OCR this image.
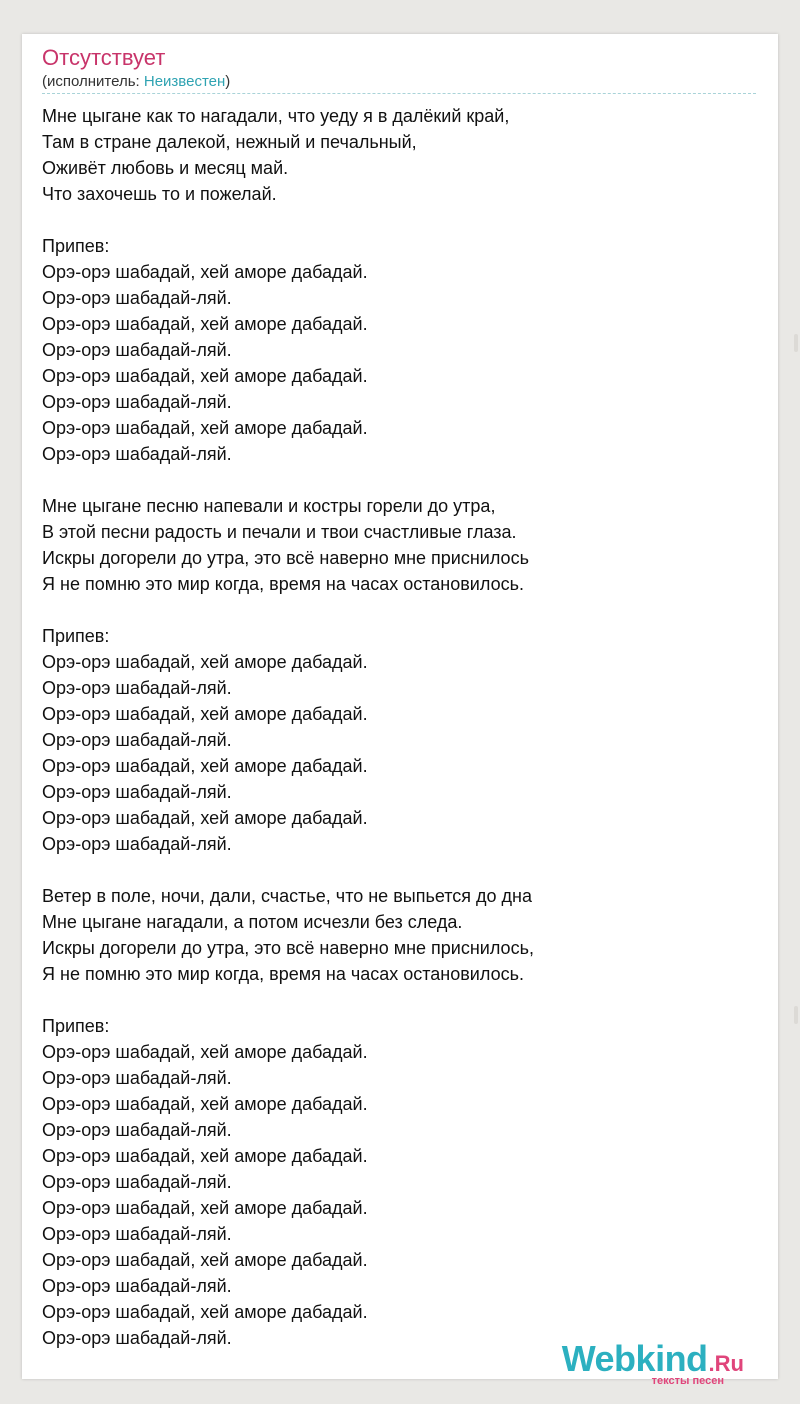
Отсутствует
(исполнитель: Неизвестен)
Мне цыгане как то нагадали, что уеду я в далёкий край,
Там в стране далекой, нежный и печальный,
Оживёт любовь и месяц май.
Что захочешь то и пожелай.
Припев:
Орэ-орэ шабадай, хей аморе дабадай.
Орэ-орэ шабадай-ляй.
Орэ-орэ шабадай, хей аморе дабадай.
Орэ-орэ шабадай-ляй.
Орэ-орэ шабадай, хей аморе дабадай.
Орэ-орэ шабадай-ляй.
Орэ-орэ шабадай, хей аморе дабадай.
Орэ-орэ шабадай-ляй.
Мне цыгане песню напевали и костры горели до утра,
В этой песни радость и печали и твои счастливые глаза.
Искры догорели до утра, это всё наверно мне приснилось
Я не помню это мир когда, время на часах остановилось.
Припев:
Орэ-орэ шабадай, хей аморе дабадай.
Орэ-орэ шабадай-ляй.
Орэ-орэ шабадай, хей аморе дабадай.
Орэ-орэ шабадай-ляй.
Орэ-орэ шабадай, хей аморе дабадай.
Орэ-орэ шабадай-ляй.
Орэ-орэ шабадай, хей аморе дабадай.
Орэ-орэ шабадай-ляй.
Ветер в поле, ночи, дали, счастье, что не выпьется до дна
Мне цыгане нагадали, а потом исчезли без следа.
Искры догорели до утра, это всё наверно мне приснилось,
Я не помню это мир когда, время на часах остановилось.
Припев:
Орэ-орэ шабадай, хей аморе дабадай.
Орэ-орэ шабадай-ляй.
Орэ-орэ шабадай, хей аморе дабадай.
Орэ-орэ шабадай-ляй.
Орэ-орэ шабадай, хей аморе дабадай.
Орэ-орэ шабадай-ляй.
Орэ-орэ шабадай, хей аморе дабадай.
Орэ-орэ шабадай-ляй.
Орэ-орэ шабадай, хей аморе дабадай.
Орэ-орэ шабадай-ляй.
Орэ-орэ шабадай, хей аморе дабадай.
Орэ-орэ шабадай-ляй.	Webkind.Ru
тексты песен
